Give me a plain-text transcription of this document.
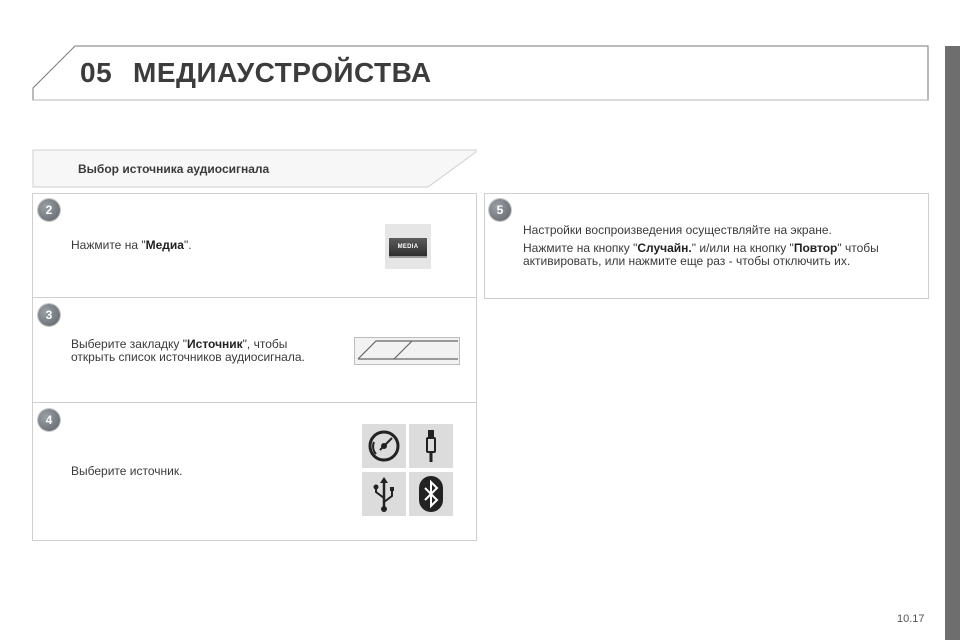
05 МЕДИАУСТРОЙСТВА
Выбор источника аудиосигнала
2
Нажмите на "Медиа".	MEDIA
3
Выберите закладку "Источник", чтобы
открыть список источников аудиосигнала.
4
Выберите источник.
5
Настройки воспроизведения осуществляйте на экране.
Нажмите на кнопку "Случайн." и/или на кнопку "Повтор" чтобы
активировать, или нажмите еще раз - чтобы отключить их.
10.17
